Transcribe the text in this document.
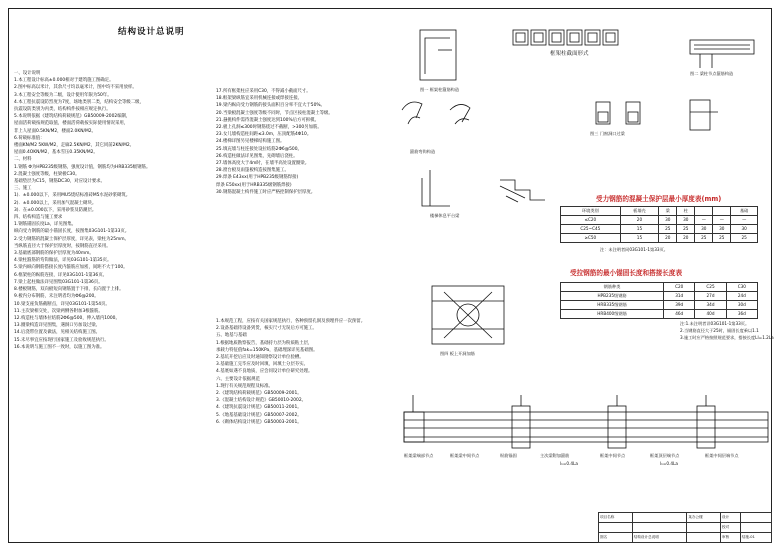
结构设计总说明
一、设计说明
1.本工程设计标高±0.000相对于建筑施工图确定。
2.图中标高以米计，其余尺寸均以毫米计，图中均不采用放样。
3.本工程安全等级为二级，设计使用年限为50年。
4.本工程抗震设防烈度为7度，场地类别二类，结构安全等级二级，
抗震设防类别为丙类，结构构件按相应规定执行。
5.本说明依据《建筑结构荷载规范》GB50009-2002编制，
屋面活荷载按规范取值，楼面活荷载按实际使用情况采用，
非上人屋面0.5KN/M2，楼面2.0KN/M2。
6.荷载标准值：
楼面KN/M2 5KW/M2，走廊2.5KN/M2，其它同前2KN/M2。
屋面0.4OKN/M2，基本雪压0.35KN/M2。
二、材料
1.钢筋 Φ为HPB235级钢筋，强度设计值，钢筋均为HRB335级钢筋。
2.混凝土强度等级，柱梁板C30。
基础垫层为C15，钢筋DC30，对应设计要求。
三、施工
1)．±0.000以下，采用MU5烧结标准砖M5水泥砂浆砌筑。
2)．±0.000以上，采用加气混凝土砌块。
3)．在±0.000以下，采用砂浆及防潮层。
四、结构构造与施工要求
1.钢筋锚固长度La，详见图集。
纵向受力钢筋的最小锚固长度，按图集03G101-1第33页。
2.受力钢筋的混凝土保护层厚度，详见表，梁柱为25mm。
当纵筋直径大于保护层厚度时，按钢筋直径采用。
3.基础底部钢筋的保护层厚度为40mm。
4.梁柱箍筋的弯钩做法，详见03G101-1第35页。
5.梁内纵向钢筋搭接长度内箍筋应加密，间距不大于100。
6.框架柱的纵筋连接，详见03G101-1第36页。
7.梁上起柱做法详见图集03G101-1第36页。
8.楼板钢筋，双向板短向钢筋置于下排，长向置于上排。
9.板内分布钢筋，未注明者均为Φ6@200。
10.梁支座负筋截断点，详见03G101-1第54页。
11.主次梁相交处，次梁两侧各附加3根箍筋。
12.构造柱与墙体拉结筋2Φ6@500，伸入墙内1000。
13.圈梁构造详见图集，遇洞口另加设过梁。
14.后浇带位置及做法，见相关结构施工图。
15.未尽事宜应按现行国家施工及验收规范执行。
16.本说明与施工图不一致时，以施工图为准。
17.所有框架柱应采用C30，不得减小截面尺寸。
18.框架梁纵筋宜采用机械连接或焊接连接。
19.梁内纵向受力钢筋的接头面积百分率不宜大于50%。
20.当梁板混凝土强度等级不同时，节点区按柱混凝土等级。
21.悬挑构件需待混凝土强度达到100%后方可拆模。
22.板上孔洞≤300时钢筋绕过不截断，>300另加筋。
23.女儿墙构造柱间距≤3.0m，压顶配筋4Φ10。
24.楼梯详图另见楼梯结构施工图。
25.填充墙与柱连接处设拉结筋2Φ6@500。
26.构造柱做法详见图集，先砌墙后浇柱。
27.墙体高度大于4m时，在墙半高处设置圈梁。
28.窗台板及雨篷板构造按图集施工。
29.焊条 E43xx(用于HPB235级钢筋焊接)
焊条 E50xx(用于HRB335级钢筋焊接)
30.钢筋混凝土构件施工时应严格控制保护层厚度。
1.本规范工程，应按有关国家规范执行，各种预留孔洞及预埋件应一次预留。
2.设备基础待设备到货，核实尺寸无误后方可施工。
五、地基与基础
1.根据地质勘察报告，基础持力层为粉质粘土层，
承载力特征值fak=150KPa，基础埋深详见基础图。
2.基坑开挖后应及时通知勘察设计单位验槽。
3.基础施工完毕应及时回填，回填土分层夯实。
4.基底如遇不良地质，应会同设计单位研究处理。
六、主要设计依据规范
1.现行有关规范规程及标准。
2.《建筑结构荷载规范》GB50009-2001。
3.《混凝土结构设计规范》GB50010-2002。
4.《建筑抗震设计规范》GB50011-2001。
5.《地基基础设计规范》GB50007-2002。
6.《砌体结构设计规范》GB50003-2001。
框架柱截面形式
图一 框架柱箍筋构造
图二 梁柱节点箍筋构造
图三 门窗洞口过梁
箍筋弯钩构造
楼梯休息平台梁
图四 板上开洞加筋
受力钢筋的混凝土保护层最小厚度表(mm)
环境类别	板墙壳	梁	柱			基础
≤C20	20	30	30	—	—	—
C25~C45	15	25	25	30	30	30
≥C50	15	20	20	25	25	25
注：未注明者同03G101-1第33页。
受拉钢筋的最小锚固长度和搭接长度表
钢筋种类	C20	C25	C30
HPB235级钢筋	31d	27d	24d
HRB335级钢筋	39d	34d	30d
HRB400级钢筋	46d	40d	36d
注:1.未注明者详03G101-1第33页。
2.当钢筋直径大于25时，锚固长度乘以1.1
3.施工时应严格按照规范要求，搭接长度Ll=1.2La
框架梁端部节点	框架梁中间节点	纵筋锚固	主次梁附加箍筋	框架中间节点	框架顶层端节点	框架中间层端节点
l₁=0.4La	l₁=0.4La
项目名称		某办公楼	设计	
			校对	
图名	结构设计总说明		审核	结施-01
